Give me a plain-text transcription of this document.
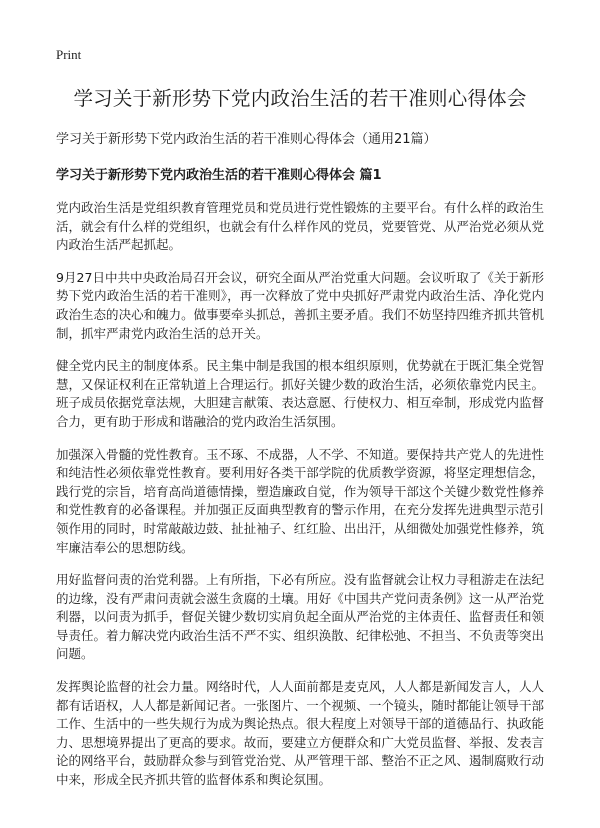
Print
学习关于新形势下党内政治生活的若干准则心得体会

学习关于新形势下党内政治生活的若干准则心得体会（通用21篇）

学习关于新形势下党内政治生活的若干准则心得体会 篇1

党内政治生活是党组织教育管理党员和党员进行党性锻炼的主要平台。有什么样的政治生活，就会有什么样的党组织，也就会有什么样作风的党员，党要管党、从严治党必须从党内政治生活严起抓起。

9月27日中共中央政治局召开会议，研究全面从严治党重大问题。会议听取了《关于新形势下党内政治生活的若干准则》，再一次释放了党中央抓好严肃党内政治生活、净化党内政治生态的决心和魄力。做事要牵头抓总，善抓主要矛盾。我们不妨坚持四维齐抓共管机制，抓牢严肃党内政治生活的总开关。

健全党内民主的制度体系。民主集中制是我国的根本组织原则，优势就在于既汇集全党智慧，又保证权利在正常轨道上合理运行。抓好关键少数的政治生活，必须依靠党内民主。班子成员依据党章法规，大胆建言献策、表达意愿、行使权力、相互牵制，形成党内监督合力，更有助于形成和谐融洽的党内政治生活氛围。

加强深入骨髓的党性教育。玉不琢、不成器，人不学、不知道。要保持共产党人的先进性和纯洁性必须依靠党性教育。要利用好各类干部学院的优质教学资源，将坚定理想信念，践行党的宗旨，培育高尚道德情操，塑造廉政自觉，作为领导干部这个关键少数党性修养和党性教育的必备课程。并加强正反面典型教育的警示作用，在充分发挥先进典型示范引领作用的同时，时常敲敲边鼓、扯扯袖子、红红脸、出出汗，从细微处加强党性修养，筑牢廉洁奉公的思想防线。

用好监督问责的治党利器。上有所指，下必有所应。没有监督就会让权力寻租游走在法纪的边缘，没有严肃问责就会滋生贪腐的土壤。用好《中国共产党问责条例》这一从严治党利器，以问责为抓手，督促关键少数切实肩负起全面从严治党的主体责任、监督责任和领导责任。着力解决党内政治生活不严不实、组织涣散、纪律松弛、不担当、不负责等突出问题。

发挥舆论监督的社会力量。网络时代，人人面前都是麦克风，人人都是新闻发言人，人人都有话语权，人人都是新闻记者。一张图片、一个视频、一个镜头，随时都能让领导干部工作、生活中的一些失规行为成为舆论热点。很大程度上对领导干部的道德品行、执政能力、思想境界提出了更高的要求。故而，要建立方便群众和广大党员监督、举报、发表言论的网络平台，鼓励群众参与到管党治党、从严管理干部、整治不正之风、遏制腐败行动中来，形成全民齐抓共管的监督体系和舆论氛围。
